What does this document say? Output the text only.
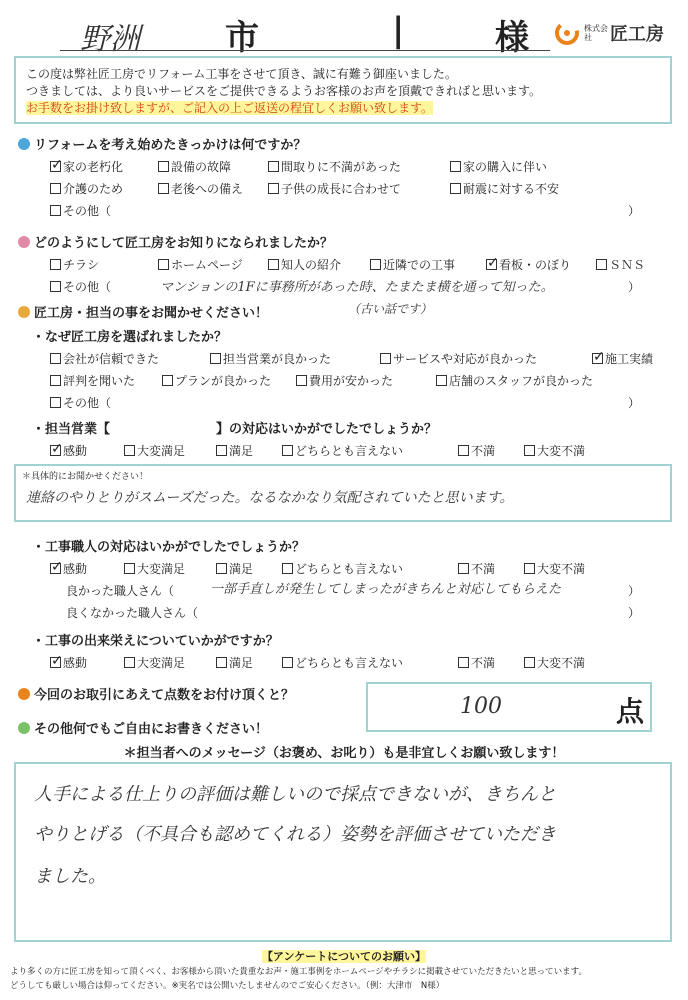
野洲	市	|	様	株式会社	匠工房
この度は弊社匠工房でリフォーム工事をさせて頂き、誠に有難う御座いました。
つきましては、より良いサービスをご提供できるようお客様のお声を頂戴できればと思います。
お手数をお掛け致しますが、ご記入の上ご返送の程宜しくお願い致します。
リフォームを考え始めたきっかけは何ですか？
✓家の老朽化	設備の故障	間取りに不満があった	家の購入に伴い
介護のため	老後への備え	子供の成長に合わせて	耐震に対する不安
その他（	）
どのようにして匠工房をお知りになられましたか？
チラシ	ホームページ	知人の紹介	近隣での工事 ✓	看板・のぼり	ＳＮＳ
その他（	マンションの1Fに事務所があった時、たまたま横を通って知った。
（古い話です）
）
匠工房・担当の事をお聞かせください！
・なぜ匠工房を選ばれましたか？
会社が信頼できた	担当営業が良かった	サービスや対応が良かった ✓	施工実績
評判を聞いた	プランが良かった	費用が安かった	店舗のスタッフが良かった
その他（	）
・担当営業【	】の対応はいかがでしたでしょうか？
✓感動	大変満足	満足	どちらとも言えない	不満	大変不満
＊具体的にお聞かせください！
連絡のやりとりがスムーズだった。なるなかなり気配されていたと思います。
・工事職人の対応はいかがでしたでしょうか？
✓感動	大変満足	満足	どちらとも言えない	不満	大変不満
良かった職人さん（	一部手直しが発生してしまったがきちんと対応してもらえた	）
良くなかった職人さん（	）
・工事の出来栄えについていかがですか？
✓感動	大変満足	満足	どちらとも言えない	不満	大変不満
今回のお取引にあえて点数をお付け頂くと？	100	点
その他何でもご自由にお書きください！
＊担当者へのメッセージ（お褒め、お叱り）も是非宜しくお願い致します！
人手による仕上りの評価は難しいので採点できないが、きちんと
やりとげる（不具合も認めてくれる）姿勢を評価させていただき
ました。
【アンケートについてのお願い】
より多くの方に匠工房を知って頂くべく、お客様から頂いた貴重なお声・施工事例をホームページやチラシに掲載させていただきたいと思っています。
どうしても厳しい場合は仰ってください。※実名では公開いたしませんのでご安心ください。（例：大津市　N様）
